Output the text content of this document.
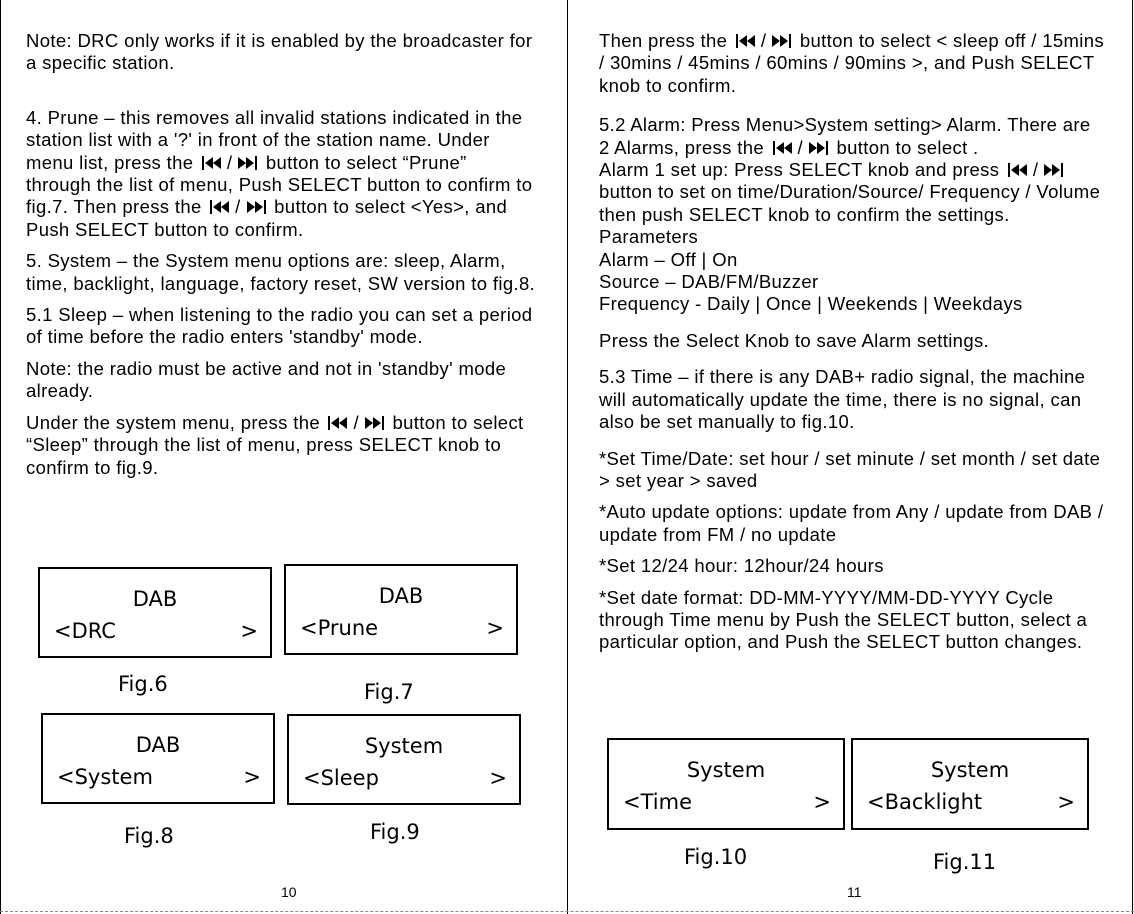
Note: DRC only works if it is enabled by the broadcaster for a specific station.

4. Prune – this removes all invalid stations indicated in the station list with a '?' in front of the station name. Under menu list, press the / button to select “Prune” through the list of menu, Push SELECT button to confirm to fig.7. Then press the / button to select <Yes>, and Push SELECT button to confirm.

5. System – the System menu options are: sleep, Alarm, time, backlight, language, factory reset, SW version to fig.8.

5.1 Sleep – when listening to the radio you can set a period of time before the radio enters 'standby' mode.

Note: the radio must be active and not in 'standby' mode already.

Under the system menu, press the / button to select “Sleep” through the list of menu, press SELECT knob to confirm to fig.9.

Then press the / button to select < sleep off / 15mins / 30mins / 45mins / 60mins / 90mins >, and Push SELECT knob to confirm.

5.2 Alarm: Press Menu>System setting> Alarm. There are 2 Alarms, press the / button to select .

Alarm 1 set up: Press SELECT knob and press /
button to set on time/Duration/Source/ Frequency / Volume then push SELECT knob to confirm the settings.

Parameters

Alarm – Off | On

Source – DAB/FM/Buzzer

Frequency - Daily | Once | Weekends | Weekdays

Press the Select Knob to save Alarm settings.

5.3 Time – if there is any DAB+ radio signal, the machine will automatically update the time, there is no signal, can also be set manually to fig.10.

*Set Time/Date: set hour / set minute / set month / set date > set year > saved

*Auto update options: update from Any / update from DAB / update from FM / no update

*Set 12/24 hour: 12hour/24 hours

*Set date format: DD-MM-YYYY/MM-DD-YYYY Cycle through Time menu by Push the SELECT button, select a particular option, and Push the SELECT button changes.

DAB
<DRC	>
Fig.6
DAB
<Prune	>
Fig.7
DAB
<System	>
Fig.8
System
<Sleep	>
Fig.9
System
<Time	>
Fig.10
System
<Backlight	>
Fig.11
10	11
